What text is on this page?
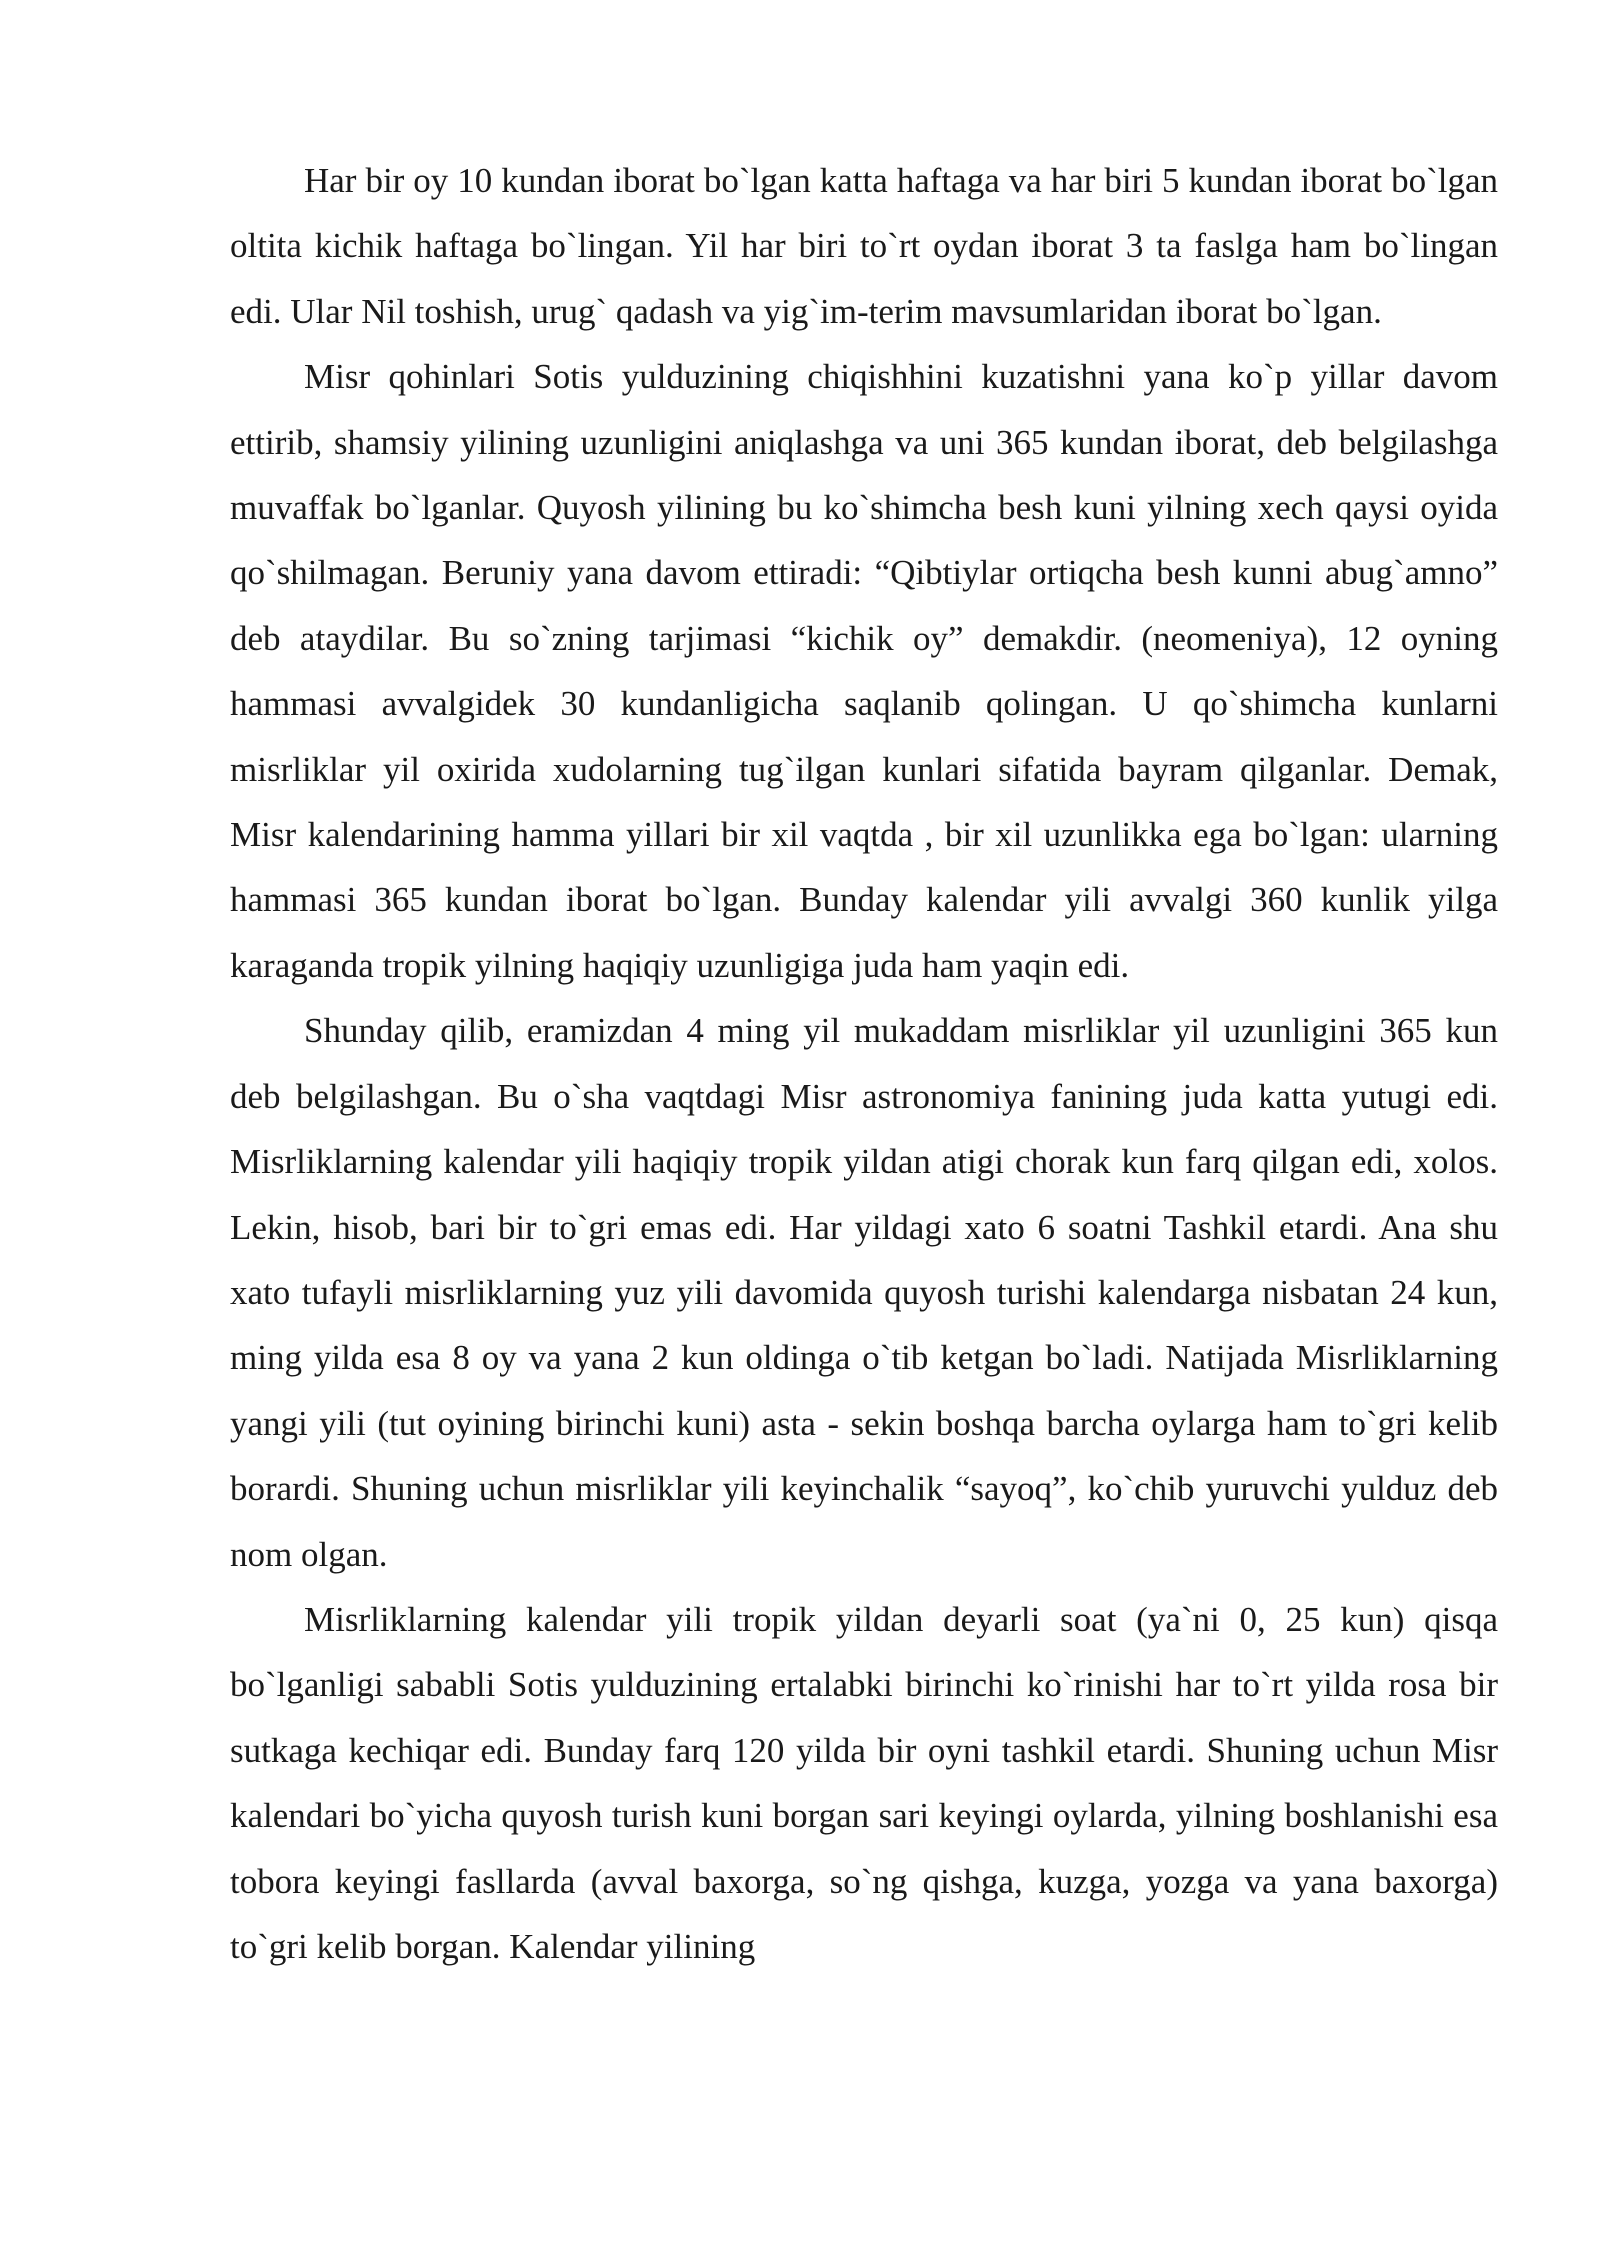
Har bir oy 10 kundan iborat bo`lgan katta haftaga va har biri 5 kundan iborat bo`lgan oltita kichik haftaga bo`lingan. Yil har biri to`rt oydan iborat 3 ta faslga ham bo`lingan edi. Ular Nil toshish, urug` qadash va yig`im-terim mavsumlaridan iborat bo`lgan.

Misr qohinlari Sotis yulduzining chiqishhini kuzatishni yana ko`p yillar davom ettirib, shamsiy yilining uzunligini aniqlashga va uni 365 kundan iborat, deb belgilashga muvaffak bo`lganlar. Quyosh yilining bu ko`shimcha besh kuni yilning xech qaysi oyida qo`shilmagan. Beruniy yana davom ettiradi: “Qibtiylar ortiqcha besh kunni abug`amno” deb ataydilar. Bu so`zning tarjimasi “kichik oy” demakdir. (neomeniya), 12 oyning hammasi avvalgidek 30 kundanligicha saqlanib qolingan. U qo`shimcha kunlarni misrliklar yil oxirida xudolarning tug`ilgan kunlari sifatida bayram qilganlar. Demak, Misr kalendarining hamma yillari bir xil vaqtda , bir xil uzunlikka ega bo`lgan: ularning hammasi 365 kundan iborat bo`lgan. Bunday kalendar yili avvalgi 360 kunlik yilga karaganda tropik yilning haqiqiy uzunligiga juda ham yaqin edi.

Shunday qilib, eramizdan 4 ming yil mukaddam misrliklar yil uzunligini 365 kun deb belgilashgan. Bu o`sha vaqtdagi Misr astronomiya fanining juda katta yutugi edi. Misrliklarning kalendar yili haqiqiy tropik yildan atigi chorak kun farq qilgan edi, xolos. Lekin, hisob, bari bir to`gri emas edi. Har yildagi xato 6 soatni Tashkil etardi. Ana shu xato tufayli misrliklarning yuz yili davomida quyosh turishi kalendarga nisbatan 24 kun, ming yilda esa 8 oy va yana 2 kun oldinga o`tib ketgan bo`ladi. Natijada Misrliklarning yangi yili (tut oyining birinchi kuni) asta - sekin boshqa barcha oylarga ham to`gri kelib borardi. Shuning uchun misrliklar yili keyinchalik “sayoq”, ko`chib yuruvchi yulduz deb nom olgan.

Misrliklarning kalendar yili tropik yildan deyarli soat (ya`ni 0, 25 kun) qisqa bo`lganligi sababli Sotis yulduzining ertalabki birinchi ko`rinishi har to`rt yilda rosa bir sutkaga kechiqar edi. Bunday farq 120 yilda bir oyni tashkil etardi. Shuning uchun Misr kalendari bo`yicha quyosh turish kuni borgan sari keyingi oylarda, yilning boshlanishi esa tobora keyingi fasllarda (avval baxorga, so`ng qishga, kuzga, yozga va yana baxorga) to`gri kelib borgan. Kalendar yilining
